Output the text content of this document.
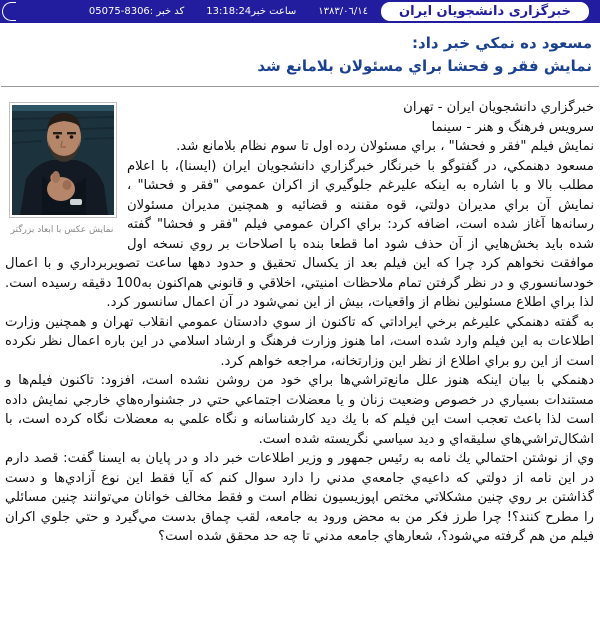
١٣٨٣/٠٦/١٤
ساعت خبر13:18:24
كد خبر :05075-8306	خبرگزاری دانشجویان ایران
مسعود ده نمكي خبر داد:
نمايش فقر و فحشا براي مسئولان بلامانع شد
نمايش عكس با ابعاد بزرگتر
خبرگزاري دانشجويان ايران - تهران
سرويس فرهنگ و هنر - سينما
نمايش فيلم "فقر و فحشا" ، براي مسئولان رده اول تا سوم نظام بلامانع شد.
مسعود دهنمكي، در گفتوگو با خبرنگار خبرگزاري دانشجويان ايران (ايسنا)، با اعلام مطلب بالا و با اشاره به اينكه عليرغم جلوگيري از اكران عمومي "فقر و فحشا" ، نمايش آن براي مديران دولتي، قوه مقننه و قضائيه و همچنين مديران مسئولان رسانه‌ها آغاز شده است، اضافه كرد: براي اكران عمومي فيلم "فقر و فحشا" گفته شده بايد بخش‌هايي از آن حذف شود اما قطعا بنده با اصلاحات بر روي نسخه اول موافقت نخواهم كرد چرا كه اين فيلم بعد از يكسال تحقيق و حدود دهها ساعت تصويربرداري و با اعمال خودسانسوري و در نظر گرفتن تمام ملاحظات امنيتي، اخلاقي و قانوني هم‌اكنون به100 دقيقه رسيده است. لذا براي اطلاع مسئولين نظام از واقعيات، بيش از اين نمي‌شود در آن اعمال سانسور كرد.
به گفته دهنمكي عليرغم برخي ايراداتي كه تاكنون از سوي دادستان عمومي انقلاب تهران و همچنين وزارت اطلاعات به اين فيلم وارد شده است، اما هنوز وزارت فرهنگ و ارشاد اسلامي در اين باره اعمال نظر نكرده است از اين رو براي اطلاع از نظر اين وزارتخانه، مراجعه خواهم كرد.
دهنمكي با بيان اينكه هنوز علل مانع‌تراشي‌ها براي خود من روشن نشده است، افزود: تاكنون فيلم‌ها و مستندات بسياري در خصوص وضعيت زنان و يا معضلات اجتماعي حتي در جشنواره‌هاي خارجي نمايش داده است لذا باعث تعجب است اين فيلم كه با يك ديد كارشناسانه و نگاه علمي به معضلات نگاه كرده است، با اشكال‌تراشي‌هاي سليقه‌اي و ديد سياسي نگريسته شده است.
وي از نوشتن احتمالي يك نامه به رئيس جمهور و وزير اطلاعات خبر داد و در پايان به ايسنا گفت: قصد دارم در اين نامه از دولتي كه داعيه‌ي جامعه‌ي مدني را دارد سوال كنم كه آيا فقط اين نوع آزادي‌ها و دست گذاشتن بر روي چنين مشكلاتي مختص اپوزيسيون نظام است و فقط مخالف خوانان مي‌توانند چنين مسائلي را مطرح كنند؟! چرا طرز فكر من به محض ورود به جامعه، لقب چماق بدست مي‌گيرد و حتي جلوي اكران فيلم من هم گرفته مي‌شود؟، شعارهاي جامعه مدني تا چه حد محقق شده است؟
